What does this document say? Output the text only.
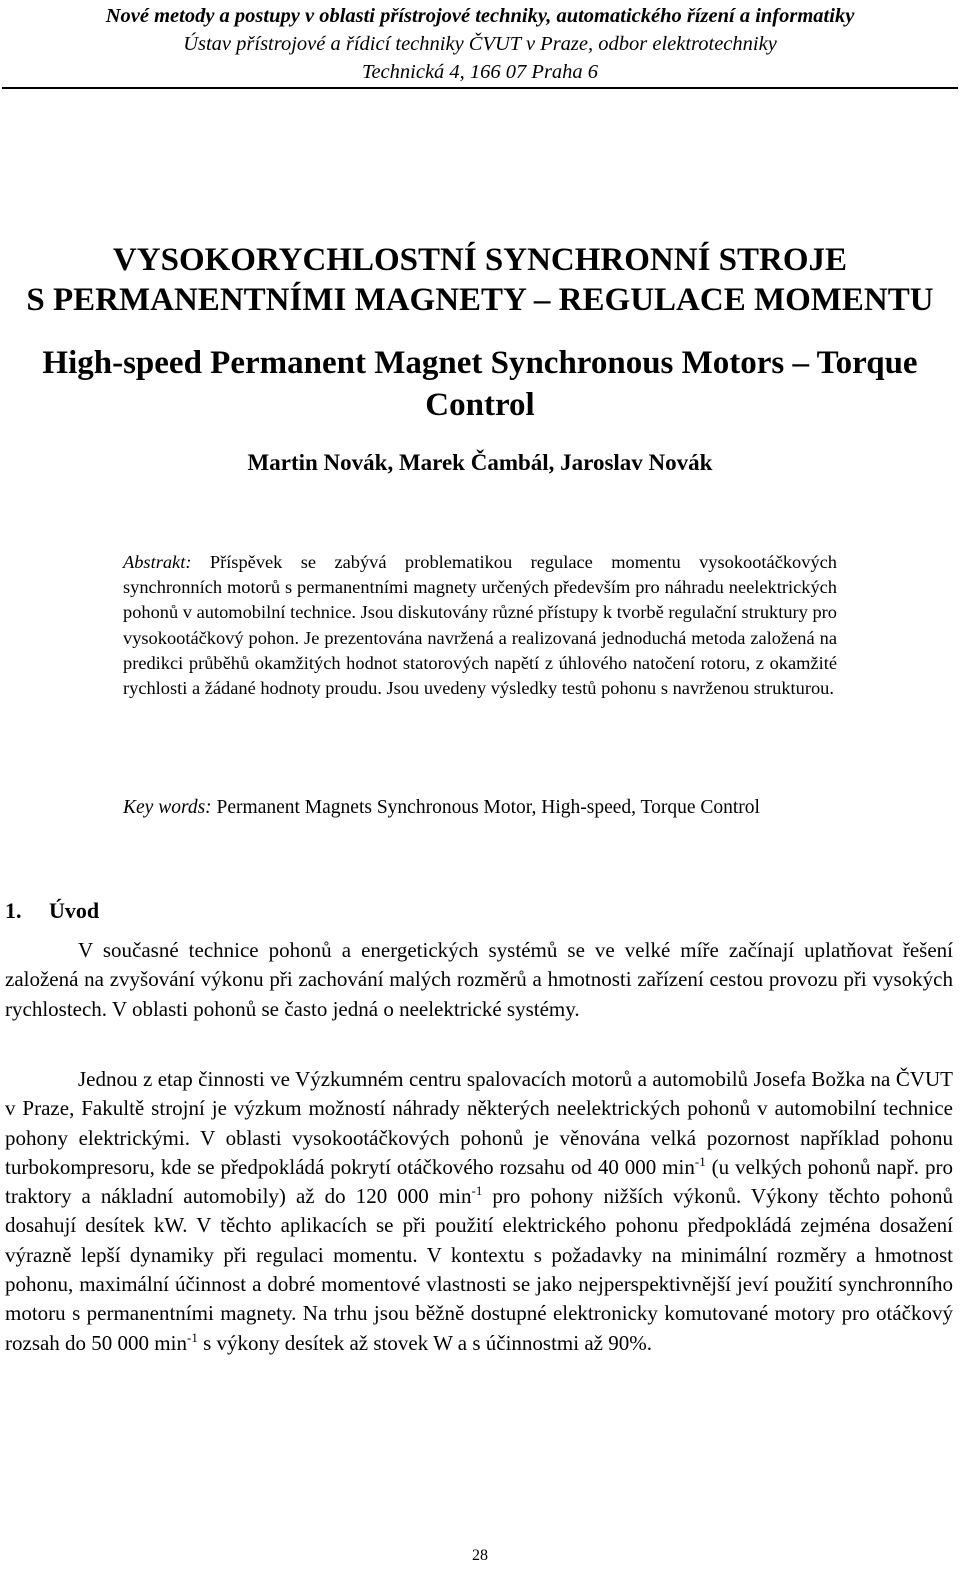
Nové metody a postupy v oblasti přístrojové techniky, automatického řízení a informatiky
Ústav přístrojové a řídicí techniky ČVUT v Praze, odbor elektrotechniky
Technická 4, 166 07 Praha 6
VYSOKORYCHLOSTNÍ SYNCHRONNÍ STROJE
S PERMANENTNÍMI MAGNETY – REGULACE MOMENTU
High-speed Permanent Magnet Synchronous Motors – Torque
Control
Martin Novák, Marek Čambál, Jaroslav Novák
Abstrakt: Příspěvek se zabývá problematikou regulace momentu vysokootáčkových synchronních motorů s permanentními magnety určených především pro náhradu neelektrických pohonů v automobilní technice. Jsou diskutovány různé přístupy k tvorbě regulační struktury pro vysokootáčkový pohon. Je prezentována navržená a realizovaná jednoduchá metoda založená na predikci průběhů okamžitých hodnot statorových napětí z úhlového natočení rotoru, z okamžité rychlosti a žádané hodnoty proudu. Jsou uvedeny výsledky testů pohonu s navrženou strukturou.
Key words: Permanent Magnets Synchronous Motor, High-speed, Torque Control
1. Úvod
V současné technice pohonů a energetických systémů se ve velké míře začínají uplatňovat řešení založená na zvyšování výkonu při zachování malých rozměrů a hmotnosti zařízení cestou provozu při vysokých rychlostech. V oblasti pohonů se často jedná o neelektrické systémy.
Jednou z etap činnosti ve Výzkumném centru spalovacích motorů a automobilů Josefa Božka na ČVUT v Praze, Fakultě strojní je výzkum možností náhrady některých neelektrických pohonů v automobilní technice pohony elektrickými. V oblasti vysokootáčkových pohonů je věnována velká pozornost například pohonu turbokompresoru, kde se předpokládá pokrytí otáčkového rozsahu od 40 000 $\min^{-1} (u$ velkých pohonů např. pro traktory a nákladní automobily) až do 120 000 $\min^{-1}$ pro pohony nižších výkonů. Výkony těchto pohonů dosahují desítek kW. V těchto aplikacích se při použití elektrického pohonu předpokládá zejména dosažení výrazně lepší dynamiky při regulaci momentu. V kontextu s požadavky na minimální rozměry a hmotnost pohonu, maximální účinnost a dobré momentové vlastnosti se jako nejperspektivnější jeví použití synchronního motoru s permanentními magnety. Na trhu jsou běžně dostupné elektronicky komutované motory pro otáčkový rozsah do 50 000 $\min^{-1} s$ výkony desítek až stovek W a s účinnostmi až 90%.
28
